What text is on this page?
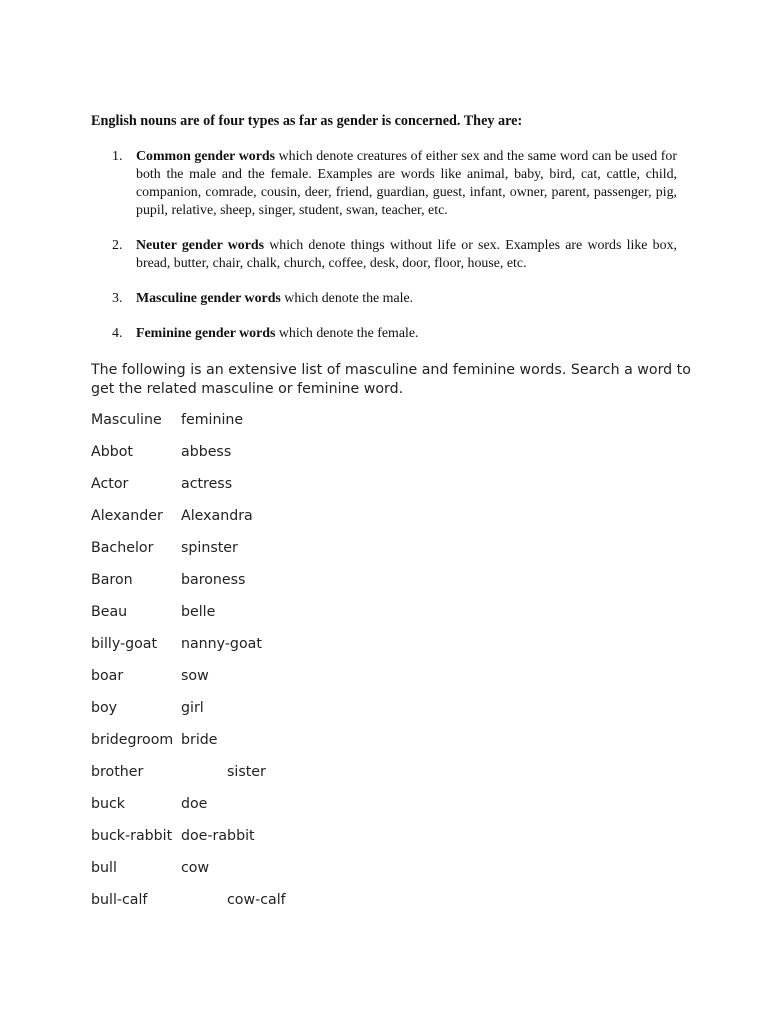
English nouns are of four types as far as gender is concerned. They are:
1. Common gender words which denote creatures of either sex and the same word can be used for both the male and the female. Examples are words like animal, baby, bird, cat, cattle, child, companion, comrade, cousin, deer, friend, guardian, guest, infant, owner, parent, passenger, pig, pupil, relative, sheep, singer, student, swan, teacher, etc.
2. Neuter gender words which denote things without life or sex. Examples are words like box, bread, butter, chair, chalk, church, coffee, desk, door, floor, house, etc.
3. Masculine gender words which denote the male.
4. Feminine gender words which denote the female.
The following is an extensive list of masculine and feminine words. Search a word to get the related masculine or feminine word.
Masculine feminine
Abbot	abbess
Actor	actress
Alexander Alexandra
Bachelor spinster
Baron	baroness
Beau	belle
billy-goat nanny-goat
boar	sow
boy	girl
bridegroom bride
brother	sister
buck	doe
buck-rabbit doe-rabbit
bull	cow
bull-calf	cow-calf
